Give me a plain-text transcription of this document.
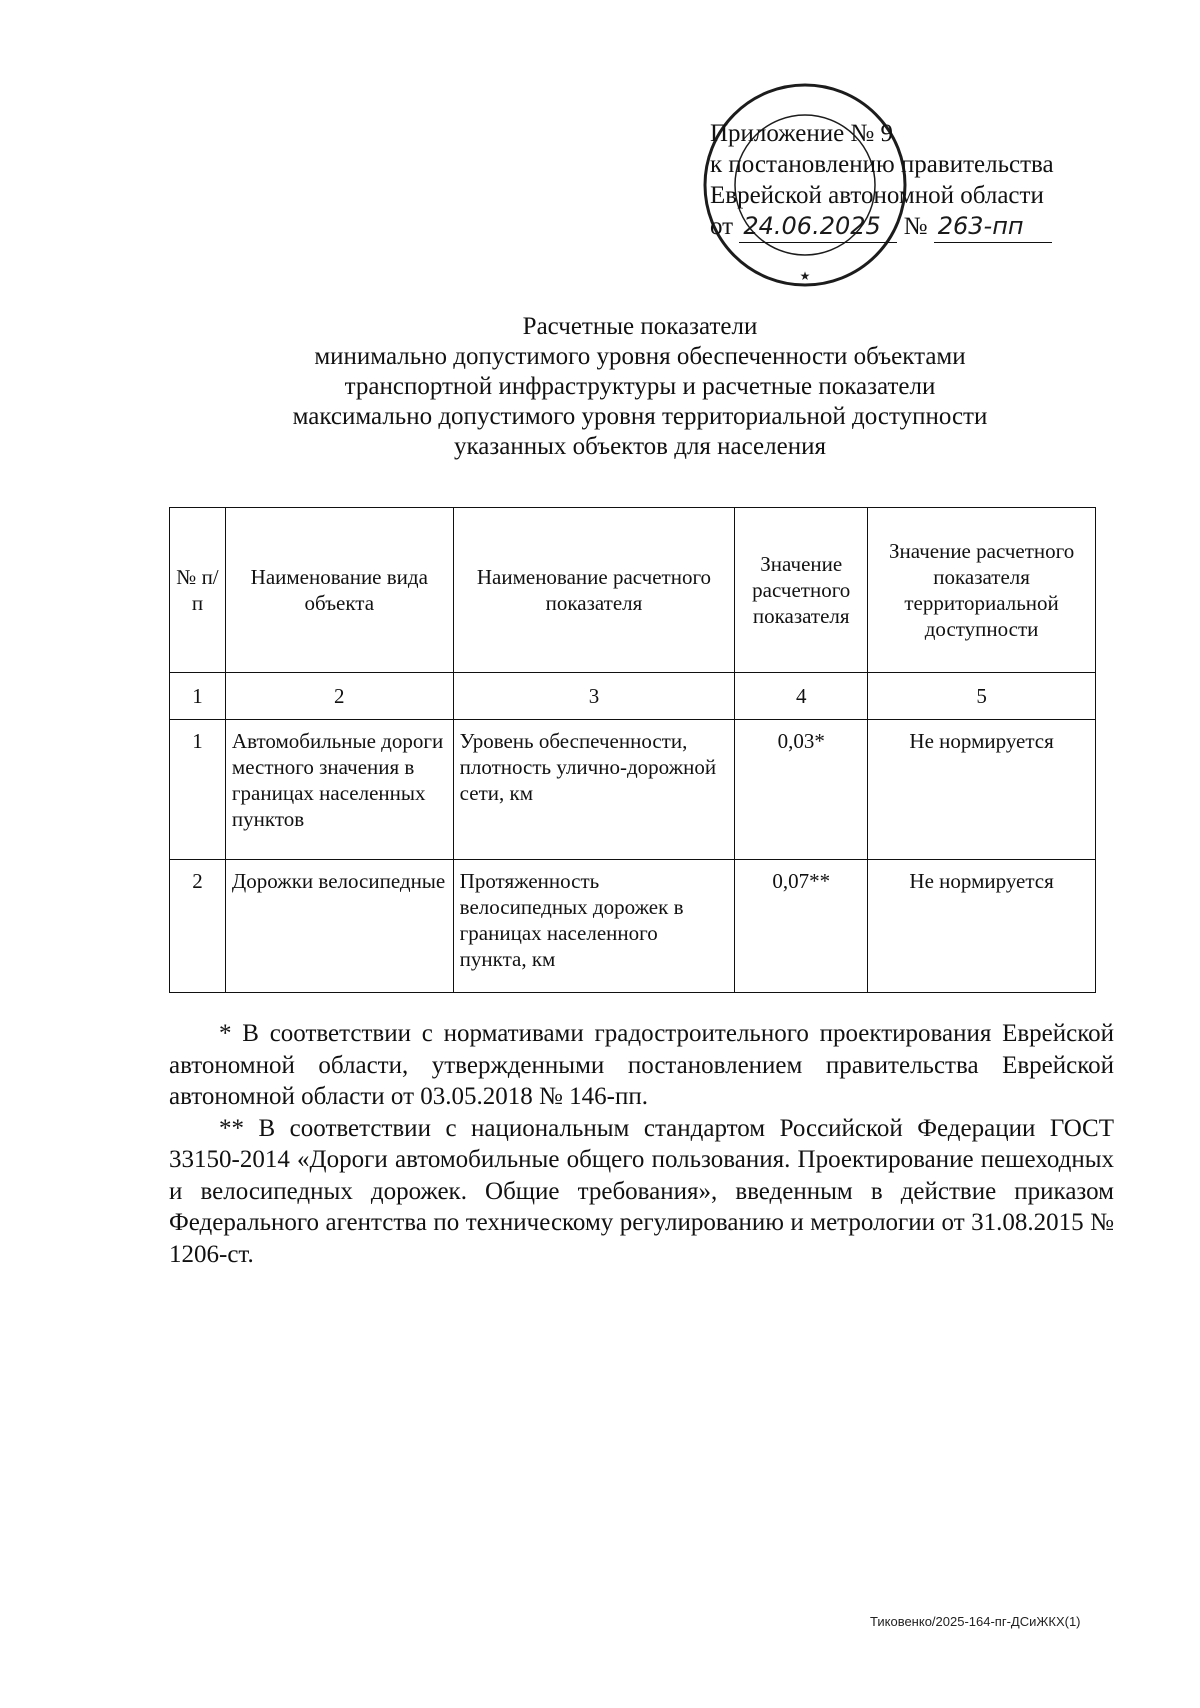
★
Приложение № 9
к постановлению правительства
Еврейской автономной области
от 24.06.2025 № 263-пп
Расчетные показатели
минимально допустимого уровня обеспеченности объектами
транспортной инфраструктуры и расчетные показатели
максимально допустимого уровня территориальной доступности
указанных объектов для населения
№ п/п	Наименование вида объекта	Наименование расчетного показателя	Значение расчетного показателя	Значение расчетного показателя территориальной доступности
1	2	3	4	5
1	Автомобильные дороги местного значения в границах населенных пунктов	Уровень обеспеченности, плотность улично-дорожной сети, км	0,03*	Не нормируется
2	Дорожки велосипедные	Протяженность велосипедных дорожек в границах населенного пункта, км	0,07**	Не нормируется

* В соответствии с нормативами градостроительного проектирования Еврейской автономной области, утвержденными постановлением правительства Еврейской автономной области от 03.05.2018 № 146-пп.

** В соответствии с национальным стандартом Российской Федерации ГОСТ 33150-2014 «Дороги автомобильные общего пользования. Проектирование пешеходных и велосипедных дорожек. Общие требования», введенным в действие приказом Федерального агентства по техническому регулированию и метрологии от 31.08.2015 № 1206-ст.

Тиковенко/2025-164-пг-ДСиЖКХ(1)
